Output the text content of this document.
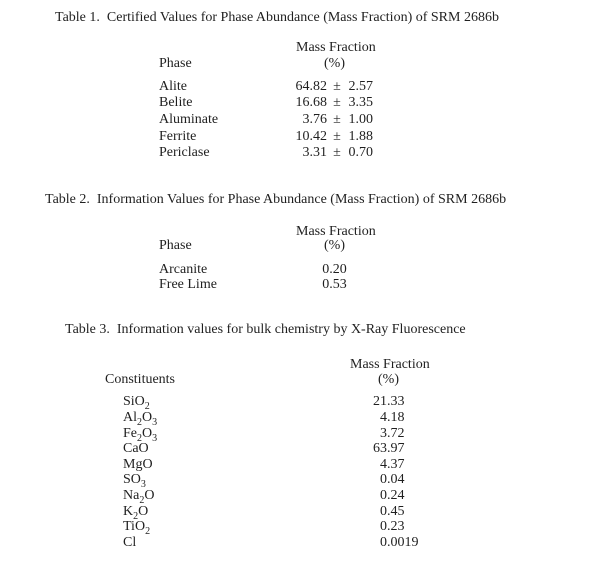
Table 1.  Certified Values for Phase Abundance (Mass Fraction) of SRM 2686b
Mass Fraction
Phase	(%)
Alite	64.82 ± 2.57
Belite	16.68 ± 3.35
Aluminate	3.76 ± 1.00
Ferrite	10.42 ± 1.88
Periclase	3.31 ± 0.70
Table 2.  Information Values for Phase Abundance (Mass Fraction) of SRM 2686b
Mass Fraction
Phase	(%)
Arcanite	0.20
Free Lime	0.53
Table 3.  Information values for bulk chemistry by X-Ray Fluorescence
Mass Fraction
Constituents	(%)
SiO$_2$	21 .33
$Al_2O_3$	4 .18
$Fe_2O_3$	3 .72
CaO	63 .97
MgO	4 .37
$SO_3$	0 .04
$Na_2O$	0 .24
$K_2O$	0 .45
TiO$_2$	0 .23
Cl	0 .0019
